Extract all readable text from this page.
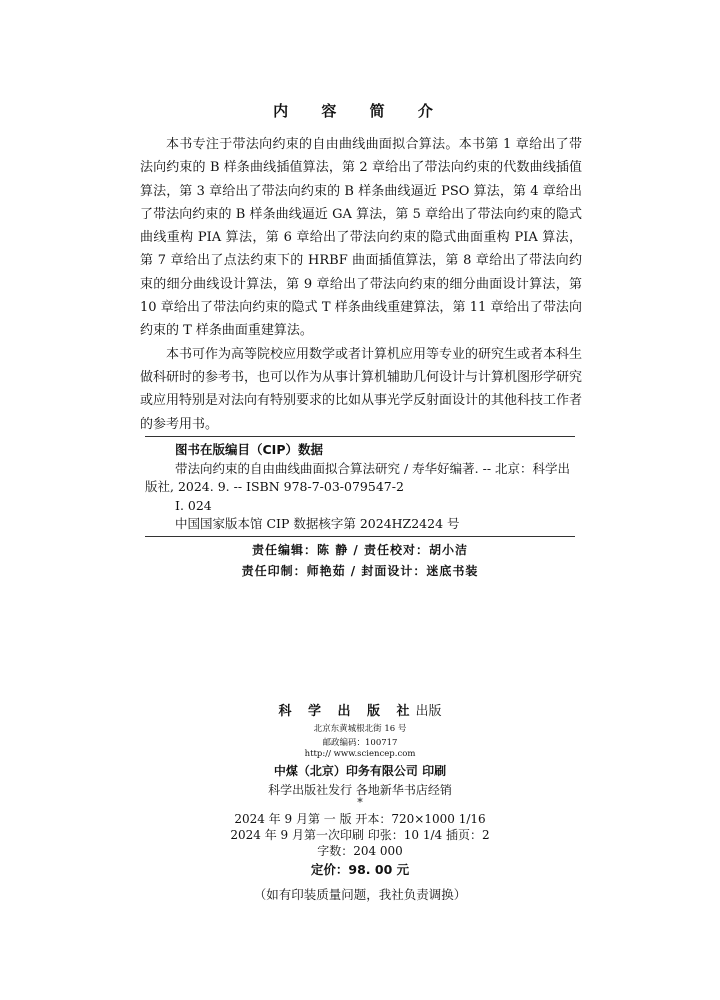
内 容 简 介

本书专注于带法向约束的自由曲线曲面拟合算法。本书第 1 章给出了带法向约束的 B 样条曲线插值算法，第 2 章给出了带法向约束的代数曲线插值算法，第 3 章给出了带法向约束的 B 样条曲线逼近 PSO 算法，第 4 章给出了带法向约束的 B 样条曲线逼近 GA 算法，第 5 章给出了带法向约束的隐式曲线重构 PIA 算法，第 6 章给出了带法向约束的隐式曲面重构 PIA 算法，第 7 章给出了点法约束下的 HRBF 曲面插值算法，第 8 章给出了带法向约束的细分曲线设计算法，第 9 章给出了带法向约束的细分曲面设计算法，第 10 章给出了带法向约束的隐式 T 样条曲线重建算法，第 11 章给出了带法向约束的 T 样条曲面重建算法。

本书可作为高等院校应用数学或者计算机应用等专业的研究生或者本科生做科研时的参考书，也可以作为从事计算机辅助几何设计与计算机图形学研究或应用特别是对法向有特别要求的比如从事光学反射面设计的其他科技工作者的参考用书。

图书在版编目（CIP）数据
带法向约束的自由曲线曲面拟合算法研究 / 寿华好编著. -- 北京：科学出版社, 2024. 9. -- ISBN 978-7-03-079547-2
Ⅰ. 024
中国国家版本馆 CIP 数据核字第 2024HZ2424 号
责任编辑：陈 静 / 责任校对：胡小洁
责任印制：师艳茹 / 封面设计：迷底书装
科 学 出 版 社出版
北京东黄城根北街 16 号
邮政编码：100717
http:// www.sciencep.com
中煤（北京）印务有限公司 印刷
科学出版社发行 各地新华书店经销
*
2024 年 9 月第 一 版 开本：720×1000 1/16
2024 年 9 月第一次印刷 印张：10 1/4 插页：2
字数：204 000
定价：98. 00 元
（如有印装质量问题，我社负责调换）
